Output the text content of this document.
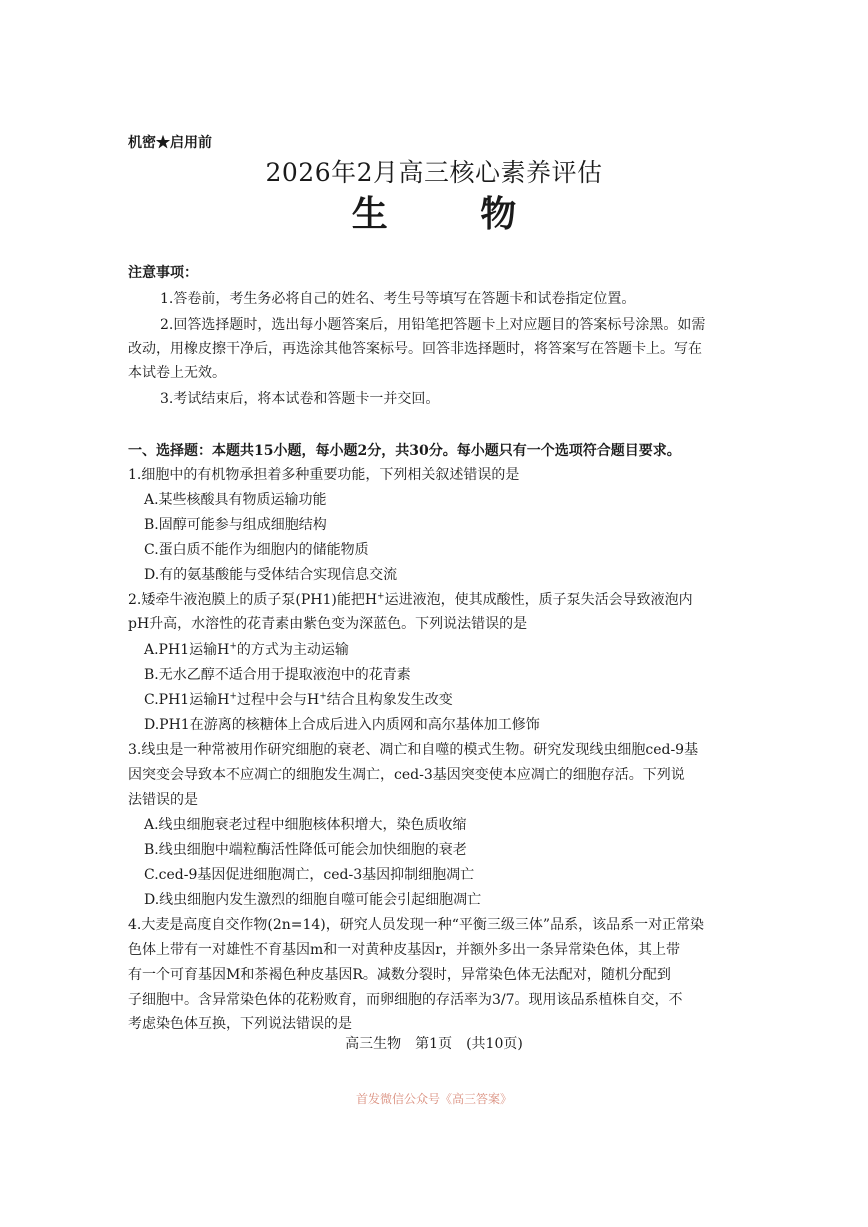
机密★启用前
2026年2月高三核心素养评估
生 物
注意事项：
1.答卷前，考生务必将自己的姓名、考生号等填写在答题卡和试卷指定位置。
2.回答选择题时，选出每小题答案后，用铅笔把答题卡上对应题目的答案标号涂黑。如需
改动，用橡皮擦干净后，再选涂其他答案标号。回答非选择题时，将答案写在答题卡上。写在
本试卷上无效。
3.考试结束后，将本试卷和答题卡一并交回。
一、选择题：本题共15小题，每小题2分，共30分。每小题只有一个选项符合题目要求。
1.细胞中的有机物承担着多种重要功能，下列相关叙述错误的是
A.某些核酸具有物质运输功能
B.固醇可能参与组成细胞结构
C.蛋白质不能作为细胞内的储能物质
D.有的氨基酸能与受体结合实现信息交流
2.矮牵牛液泡膜上的质子泵(PH1)能把H+运进液泡，使其成酸性，质子泵失活会导致液泡内
pH升高，水溶性的花青素由紫色变为深蓝色。下列说法错误的是
A.PH1运输H+的方式为主动运输
B.无水乙醇不适合用于提取液泡中的花青素
C.PH1运输H+过程中会与H+结合且构象发生改变
D.PH1在游离的核糖体上合成后进入内质网和高尔基体加工修饰
3.线虫是一种常被用作研究细胞的衰老、凋亡和自噬的模式生物。研究发现线虫细胞ced-9基
因突变会导致本不应凋亡的细胞发生凋亡，ced-3基因突变使本应凋亡的细胞存活。下列说
法错误的是
A.线虫细胞衰老过程中细胞核体积增大，染色质收缩
B.线虫细胞中端粒酶活性降低可能会加快细胞的衰老
C.ced-9基因促进细胞凋亡，ced-3基因抑制细胞凋亡
D.线虫细胞内发生激烈的细胞自噬可能会引起细胞凋亡
4.大麦是高度自交作物(2n=14)，研究人员发现一种“平衡三级三体”品系，该品系一对正常染
色体上带有一对雄性不育基因m和一对黄种皮基因r，并额外多出一条异常染色体，其上带
有一个可育基因M和茶褐色种皮基因R。减数分裂时，异常染色体无法配对，随机分配到
子细胞中。含异常染色体的花粉败育，而卵细胞的存活率为3/7。现用该品系植株自交，不
考虑染色体互换，下列说法错误的是
高三生物　第1页　(共10页)
首发微信公众号《高三答案》
